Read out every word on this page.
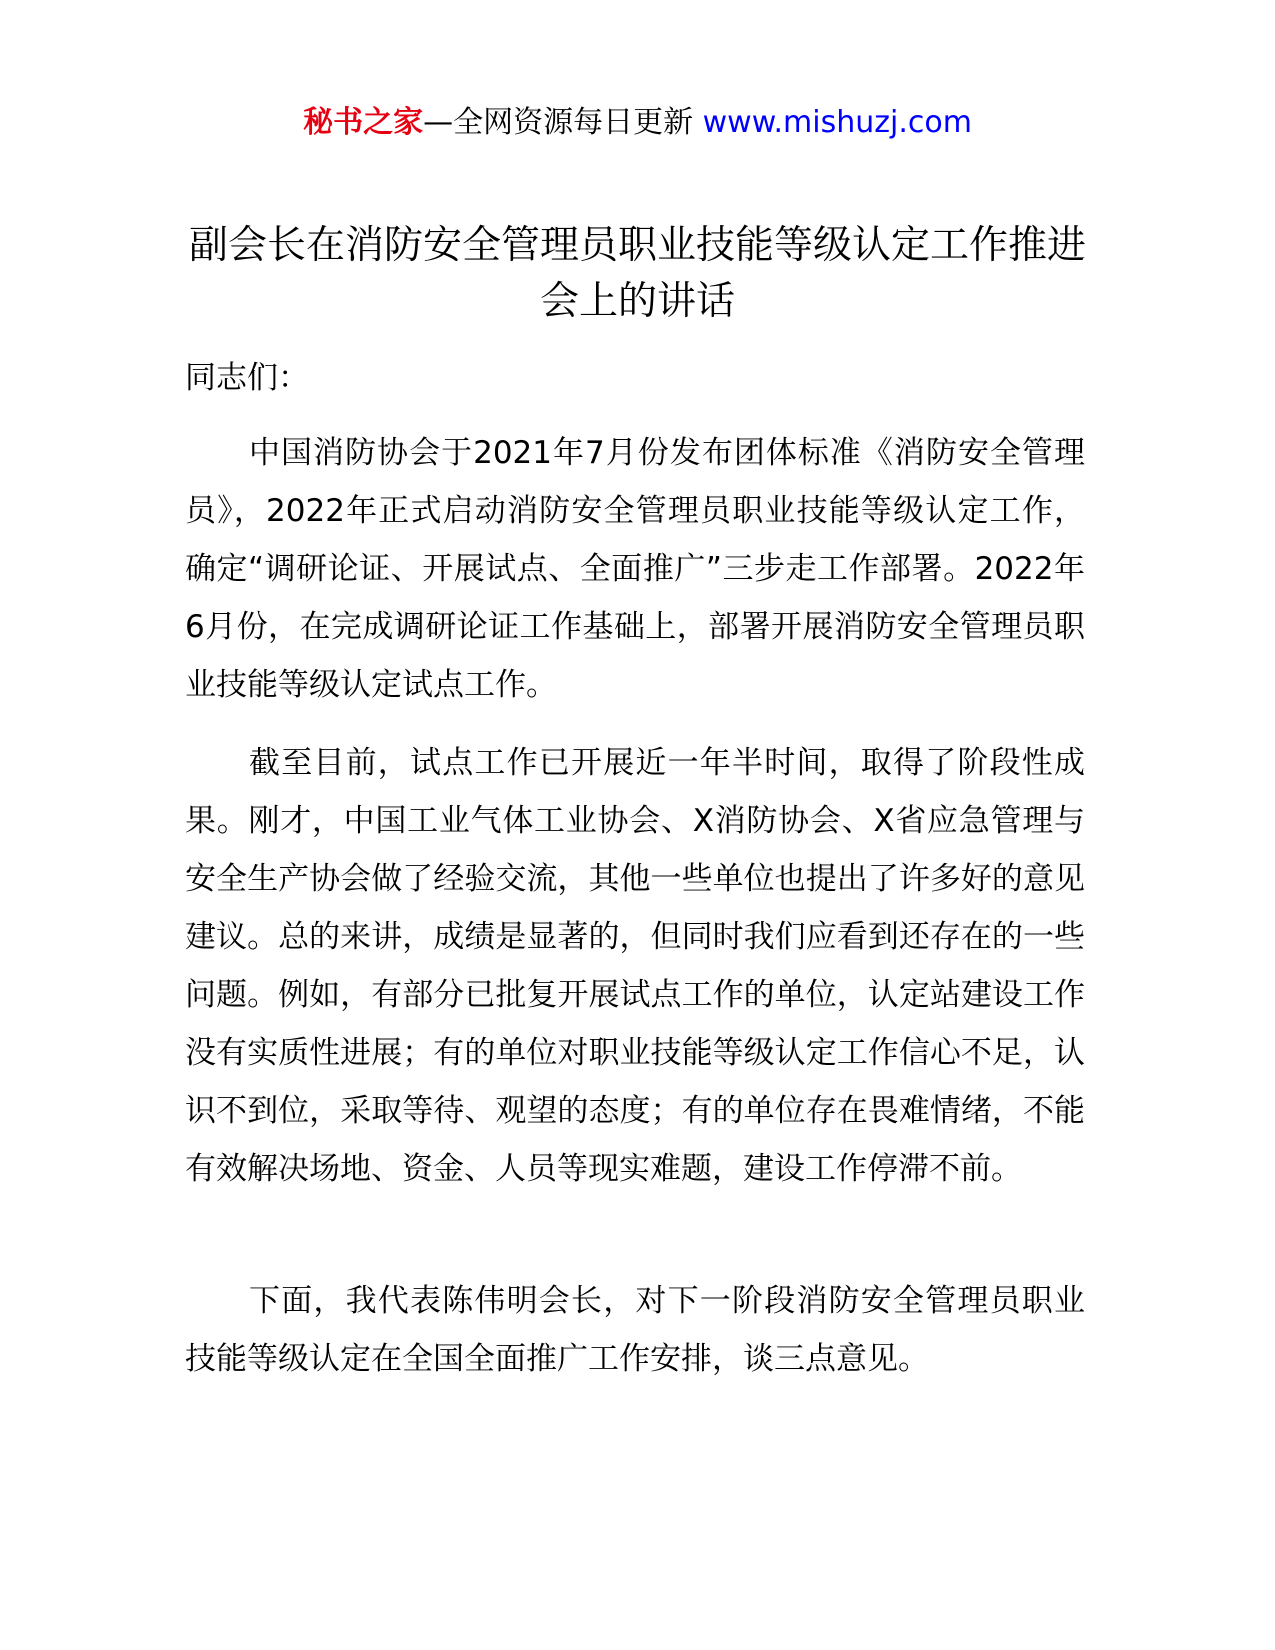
秘书之家—全网资源每日更新 www.mishuzj.com
副会长在消防安全管理员职业技能等级认定工作推进会上的讲话

同志们：

中国消防协会于2021年7月份发布团体标准《消防安全管理员》，2022年正式启动消防安全管理员职业技能等级认定工作，确定“调研论证、开展试点、全面推广”三步走工作部署。2022年6月份，在完成调研论证工作基础上，部署开展消防安全管理员职业技能等级认定试点工作。

截至目前，试点工作已开展近一年半时间，取得了阶段性成果。刚才，中国工业气体工业协会、X消防协会、X省应急管理与安全生产协会做了经验交流，其他一些单位也提出了许多好的意见建议。总的来讲，成绩是显著的，但同时我们应看到还存在的一些问题。例如，有部分已批复开展试点工作的单位，认定站建设工作没有实质性进展；有的单位对职业技能等级认定工作信心不足，认识不到位，采取等待、观望的态度；有的单位存在畏难情绪，不能有效解决场地、资金、人员等现实难题，建设工作停滞不前。

下面，我代表陈伟明会长，对下一阶段消防安全管理员职业技能等级认定在全国全面推广工作安排，谈三点意见。
